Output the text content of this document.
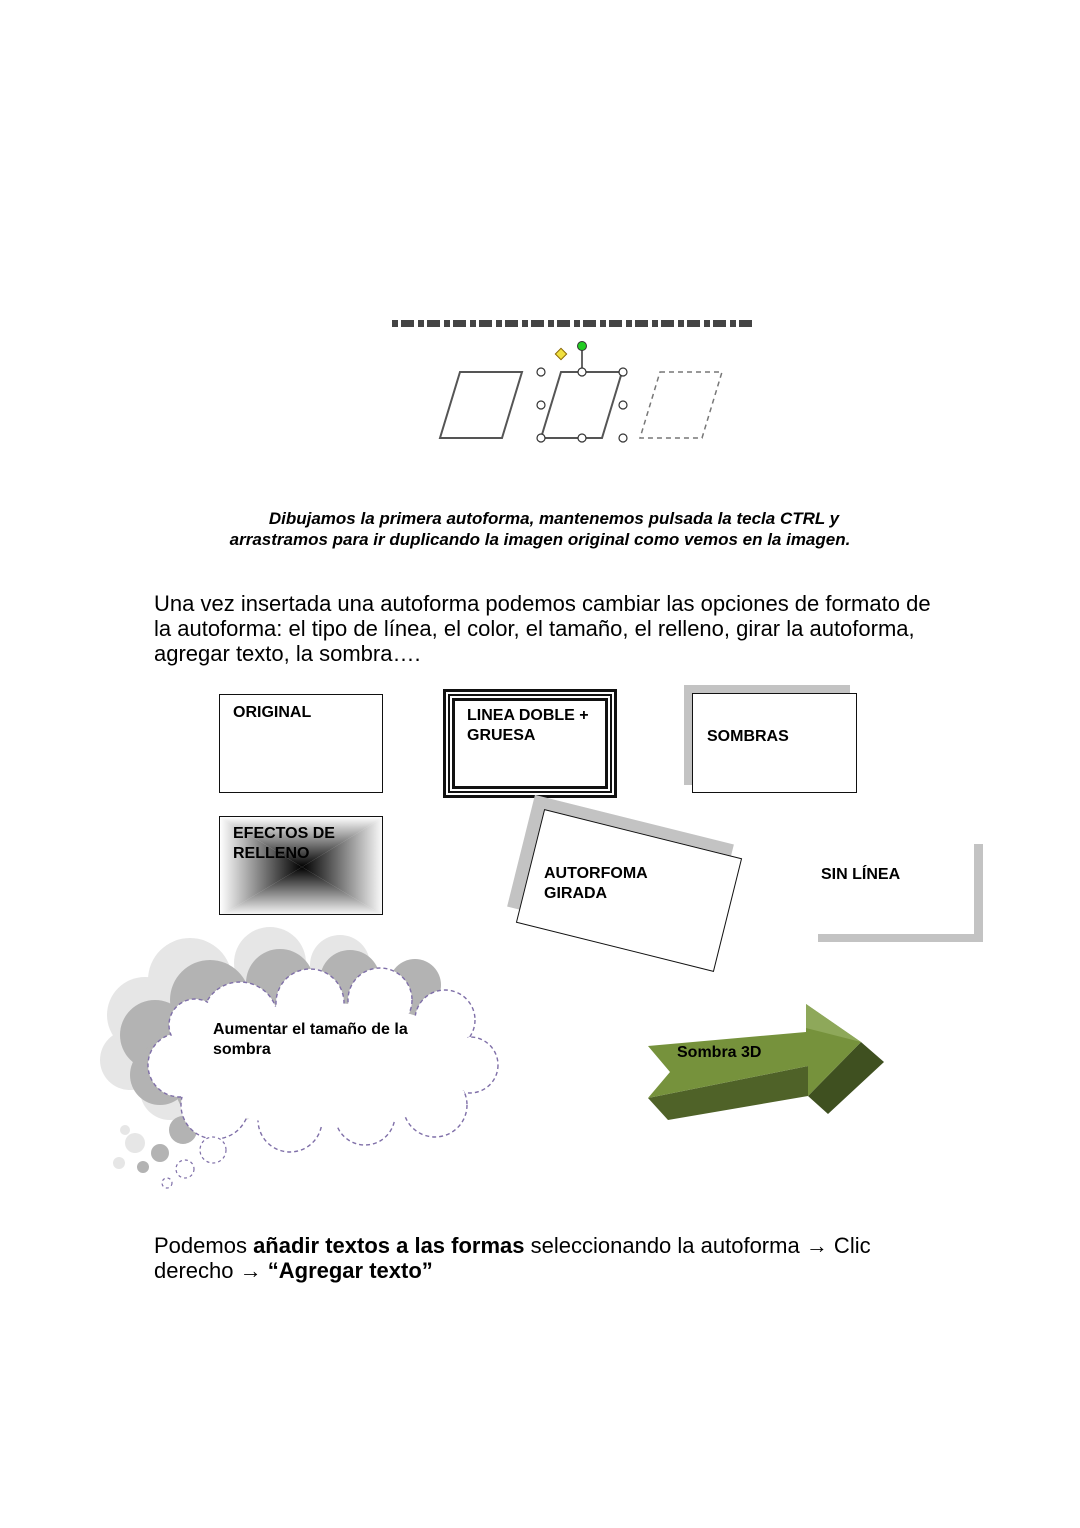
Dibujamos la primera autoforma, mantenemos pulsada la tecla CTRL y
arrastramos para ir duplicando la imagen original como vemos en la imagen.
Una vez insertada una autoforma podemos cambiar las opciones de formato de la autoforma: el tipo de línea, el color, el tamaño, el relleno, girar la autoforma, agregar texto, la sombra….
ORIGINAL	LINEA DOBLE + GRUESA	SOMBRAS
EFECTOS DE RELLENO
AUTORFOMA GIRADA
SIN LÍNEA
Aumentar el tamaño de la sombra	Sombra 3D
Podemos añadir textos a las formas seleccionando la autoforma → Clic derecho → “Agregar texto”
